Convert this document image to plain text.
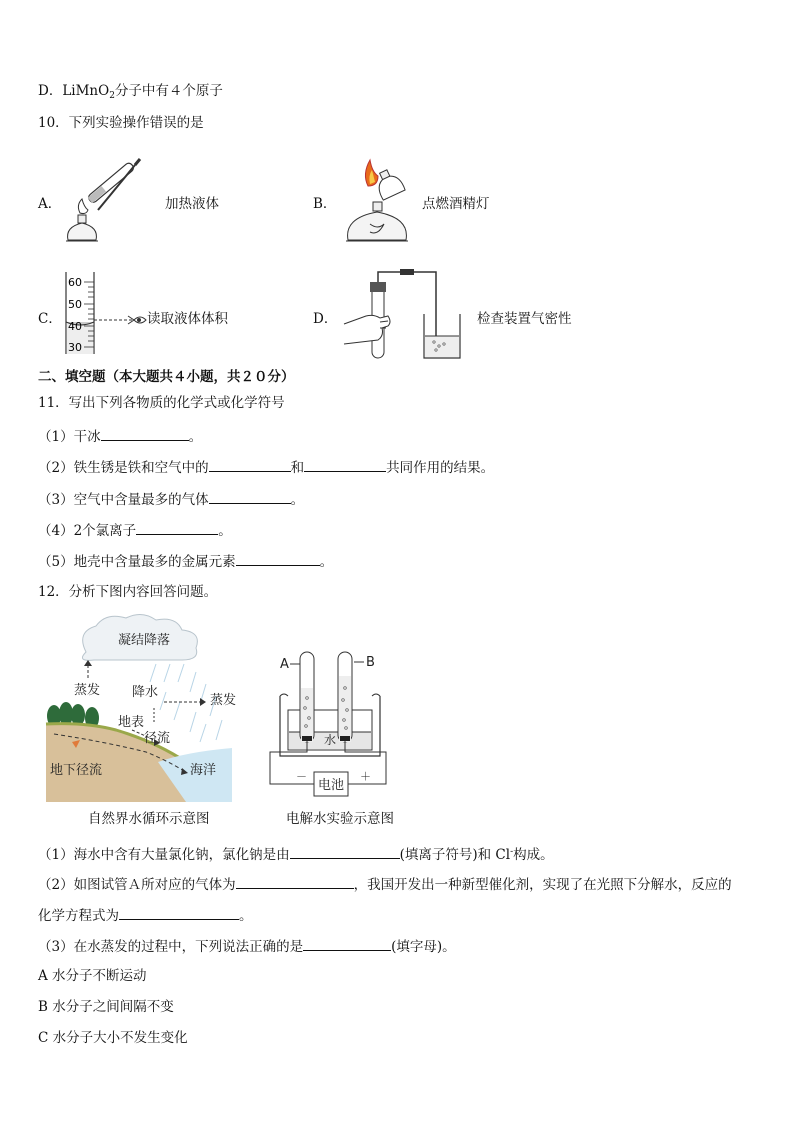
D．LiMnO$_2$分子中有４个原子
10．下列实验操作错误的是
A．	加热液体	B．	点燃酒精灯
C．
60
50
40
30
读取液体体积	D．	检查装置气密性
二、填空题（本大题共４小题，共２０分）
11．写出下列各物质的化学式或化学符号
（1）干冰	。
（2）铁生锈是铁和空气中的	和	共同作用的结果。
（3）空气中含量最多的气体	。
（4）2个氯离子	。
（5）地壳中含量最多的金属元素	。
12．分析下图内容回答问题。
凝结降落
蒸发 降水
蒸发
地表
径流
地下径流	海洋
自然界水循环示意图
A	B
水
电池
－	＋
电解水实验示意图
（1）海水中含有大量氯化钠，氯化钠是由	(填离子符号)和 Cl-构成。
（2）如图试管Ａ所对应的气体为	，我国开发出一种新型催化剂，实现了在光照下分解水，反应的
化学方程式为	。
（3）在水蒸发的过程中，下列说法正确的是	(填字母)。
A 水分子不断运动
B 水分子之间间隔不变
C 水分子大小不发生变化
